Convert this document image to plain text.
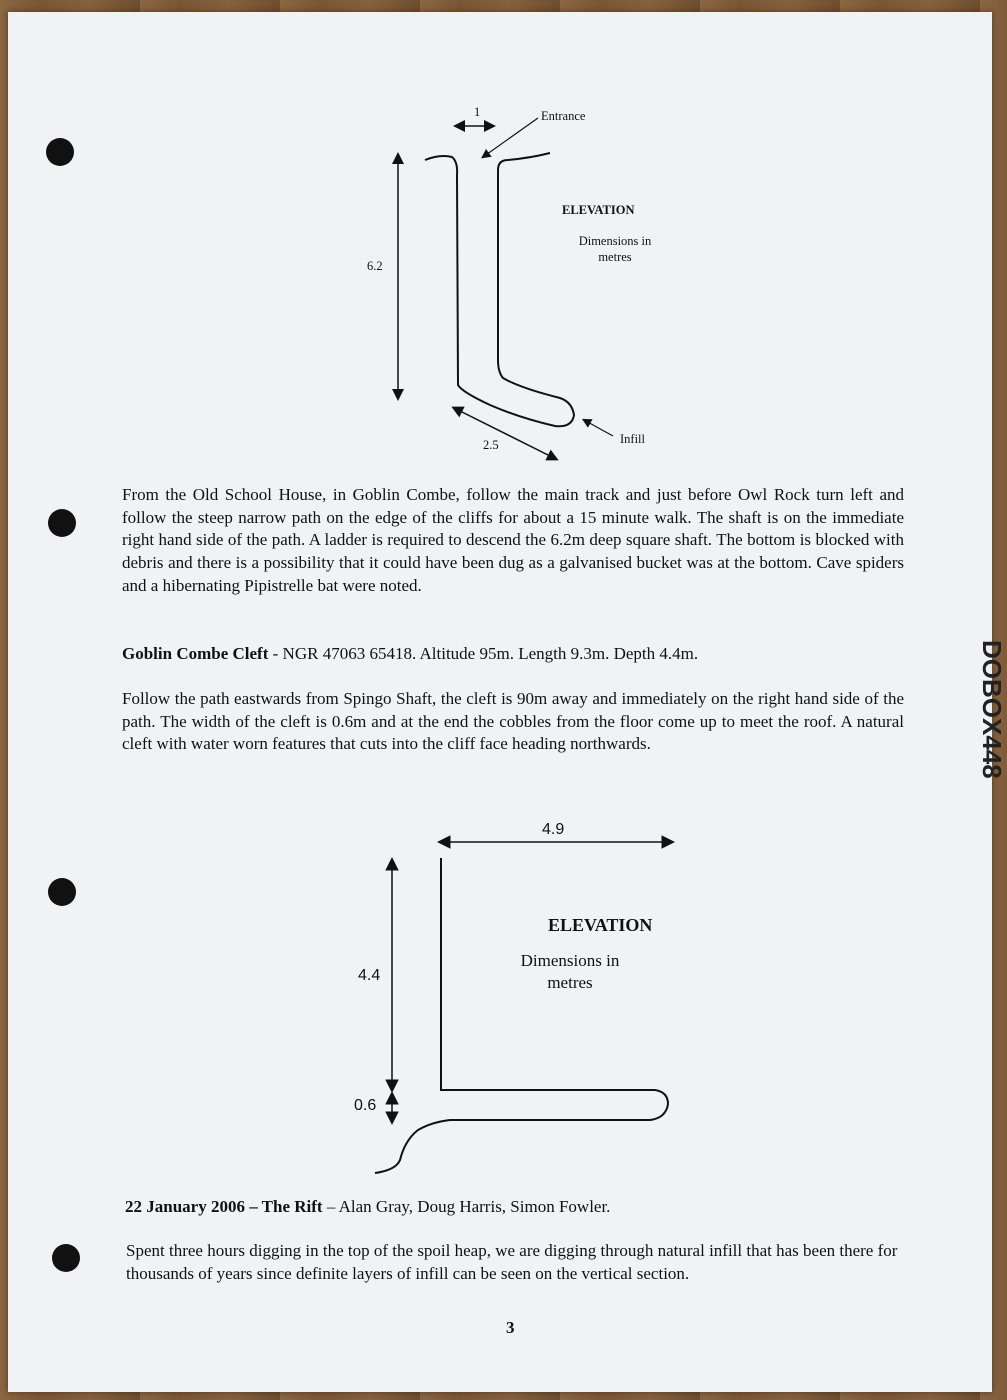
1	Entrance
ELEVATION
Dimensions in
metres
6.2
2.5	Infill
From the Old School House, in Goblin Combe, follow the main track and just before Owl Rock turn left and follow the steep narrow path on the edge of the cliffs for about a 15 minute walk. The shaft is on the immediate right hand side of the path. A ladder is required to descend the 6.2m deep square shaft. The bottom is blocked with debris and there is a possibility that it could have been dug as a galvanised bucket was at the bottom. Cave spiders and a hibernating Pipistrelle bat were noted.
Goblin Combe Cleft - NGR 47063 65418. Altitude 95m. Length 9.3m. Depth 4.4m.
Follow the path eastwards from Spingo Shaft, the cleft is 90m away and immediately on the right hand side of the path. The width of the cleft is 0.6m and at the end the cobbles from the floor come up to meet the roof. A natural cleft with water worn features that cuts into the cliff face heading northwards.
4.9
ELEVATION
Dimensions in
metres
4.4
0.6
22 January 2006 – The Rift – Alan Gray, Doug Harris, Simon Fowler.
Spent three hours digging in the top of the spoil heap, we are digging through natural infill that has been there for thousands of years since definite layers of infill can be seen on the vertical section.
3
DOBOX448
